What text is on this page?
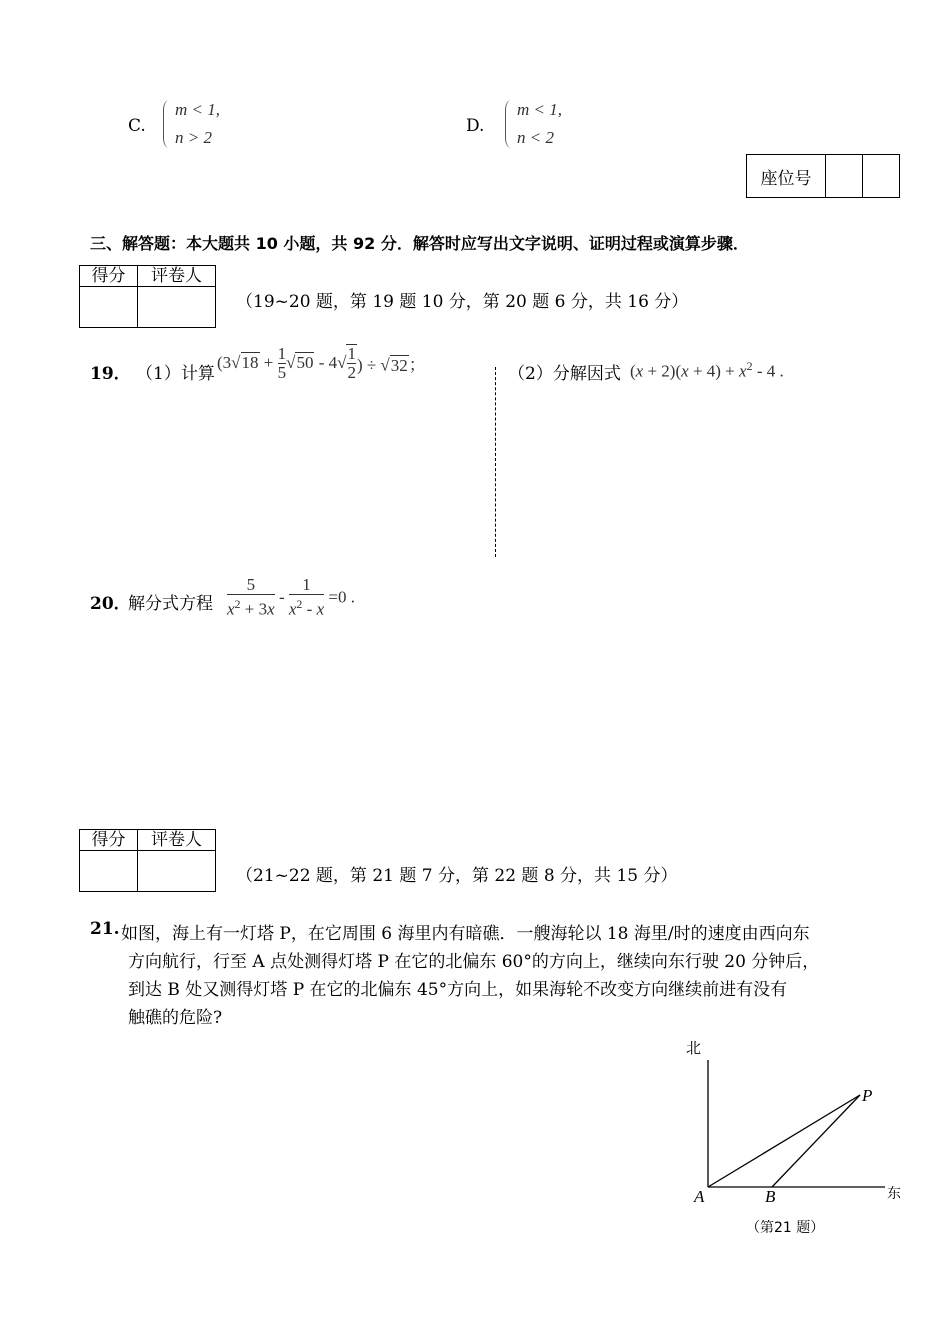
C.
m < 1,
n > 2
D.
m < 1,
n < 2
座位号		
三、解答题：本大题共 10 小题，共 92 分．解答时应写出文字说明、证明过程或演算步骤．
得分	评卷人

（19~20 题，第 19 题 10 分，第 20 题 6 分，共 16 分）
19． （1）计算
($3√18 + \frac{1}{5} √50 - 4√ \frac{1}{2}$ ) ÷ √32；	（2）分解因式 $(x + 2)(x + 4) + x^2 - 4$ .
20．
解分式方程 $\frac{5}{x^2 + 3x} - \frac{1}{x^2 - x} =0$ .
得分	评卷人

（21~22 题，第 21 题 7 分，第 22 题 8 分，共 15 分）
21. 如图，海上有一灯塔 P，在它周围 6 海里内有暗礁．一艘海轮以 18 海里/时的速度由西向东
方向航行，行至 A 点处测得灯塔 P 在它的北偏东 60°的方向上，继续向东行驶 20 分钟后，
到达 B 处又测得灯塔 P 在它的北偏东 45°方向上，如果海轮不改变方向继续前进有没有
触礁的危险?
北
东
A	B
P
（第21 题）
